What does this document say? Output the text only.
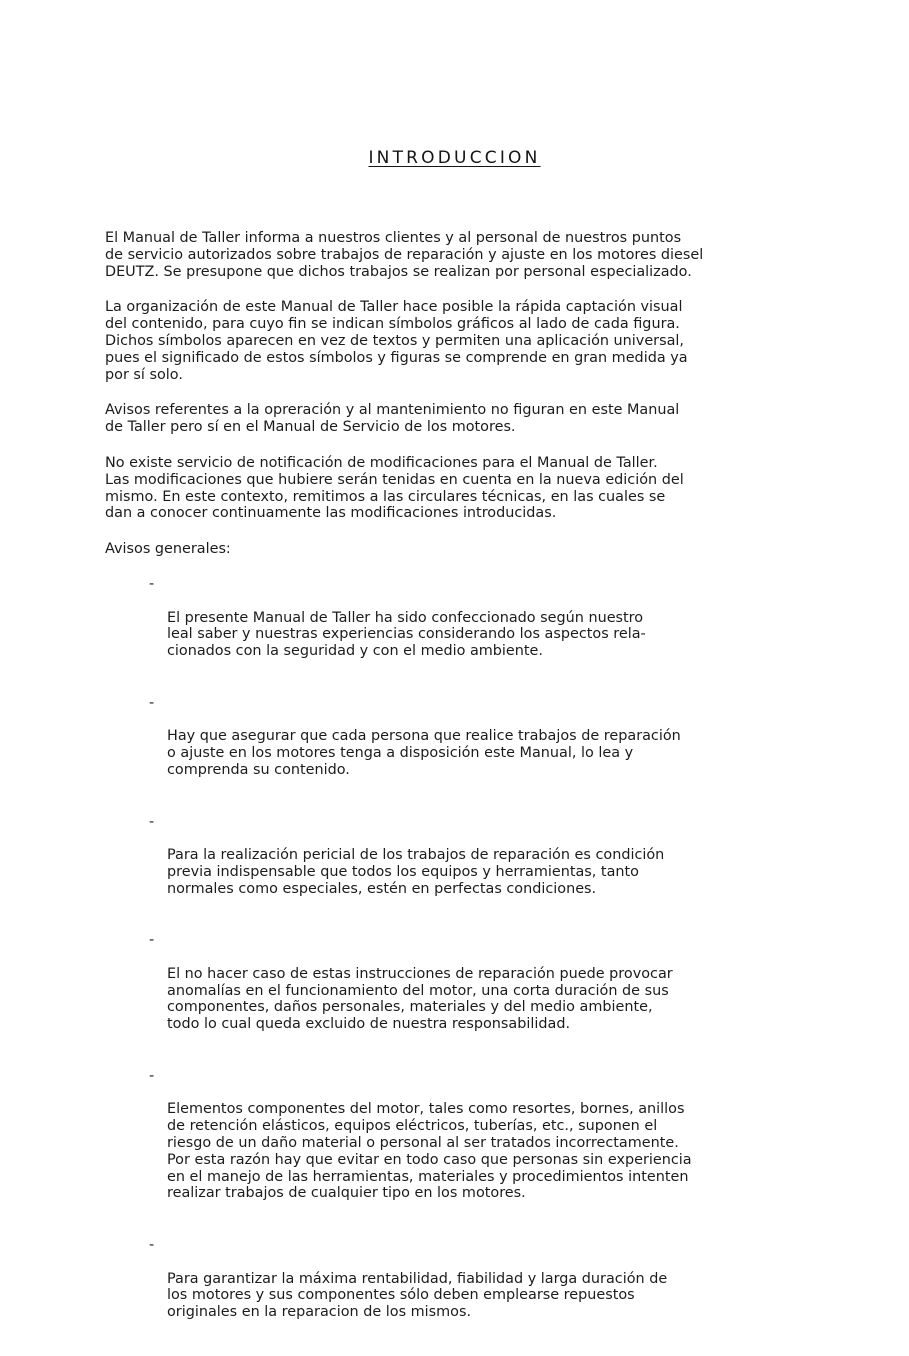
INTRODUCCION

El Manual de Taller informa a nuestros clientes y al personal de nuestros puntos
de servicio autorizados sobre trabajos de reparación y ajuste en los motores diesel
DEUTZ. Se presupone que dichos trabajos se realizan por personal especializado.

La organización de este Manual de Taller hace posible la rápida captación visual
del contenido, para cuyo fin se indican símbolos gráficos al lado de cada figura.
Dichos símbolos aparecen en vez de textos y permiten una aplicación universal,
pues el significado de estos símbolos y figuras se comprende en gran medida ya
por sí solo.

Avisos referentes a la opreración y al mantenimiento no figuran en este Manual
de Taller pero sí en el Manual de Servicio de los motores.

No existe servicio de notificación de modificaciones para el Manual de Taller.
Las modificaciones que hubiere serán tenidas en cuenta en la nueva edición del
mismo. En este contexto, remitimos a las circulares técnicas, en las cuales se
dan a conocer continuamente las modificaciones introducidas.

Avisos generales:

-

El presente Manual de Taller ha sido confeccionado según nuestro
leal saber y nuestras experiencias considerando los aspectos rela-
cionados con la seguridad y con el medio ambiente.

-

Hay que asegurar que cada persona que realice trabajos de reparación
o ajuste en los motores tenga a disposición este Manual, lo lea y
comprenda su contenido.

-

Para la realización pericial de los trabajos de reparación es condición
previa indispensable que todos los equipos y herramientas, tanto
normales como especiales, estén en perfectas condiciones.

-

El no hacer caso de estas instrucciones de reparación puede provocar
anomalías en el funcionamiento del motor, una corta duración de sus
componentes, daños personales, materiales y del medio ambiente,
todo lo cual queda excluido de nuestra responsabilidad.

-

Elementos componentes del motor, tales como resortes, bornes, anillos
de retención elásticos, equipos eléctricos, tuberías, etc., suponen el
riesgo de un daño material o personal al ser tratados incorrectamente.
Por esta razón hay que evitar en todo caso que personas sin experiencia
en el manejo de las herramientas, materiales y procedimientos intenten
realizar trabajos de cualquier tipo en los motores.

-

Para garantizar la máxima rentabilidad, fiabilidad y larga duración de
los motores y sus componentes sólo deben emplearse repuestos
originales en la reparacion de los mismos.
